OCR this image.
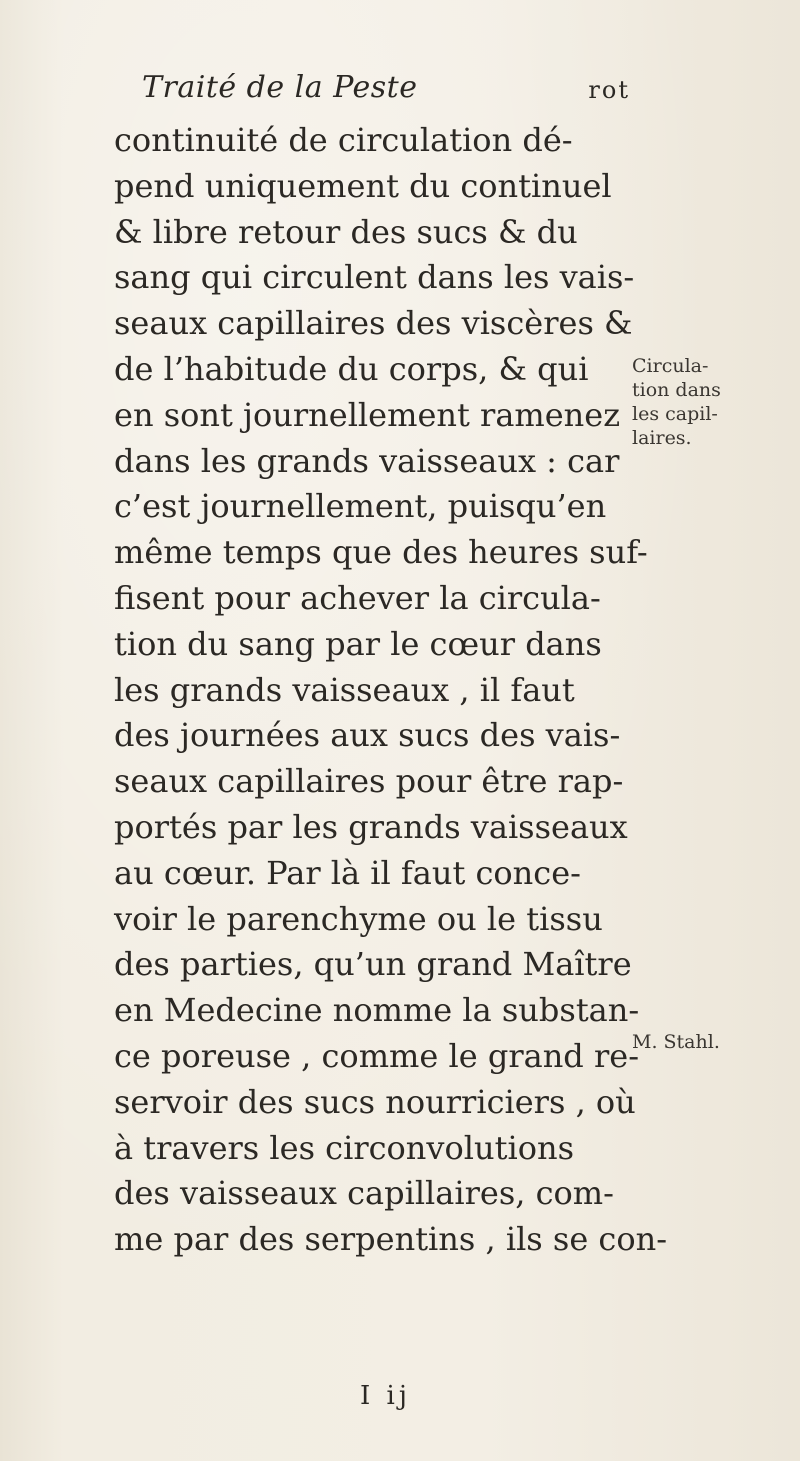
Traité de la Peste	rot
continuité de circulation dé-
pend uniquement du continuel
& libre retour des sucs & du
sang qui circulent dans les vais-
seaux capillaires des viscères &
de l’habitude du corps, & qui
en sont journellement ramenez
dans les grands vaisseaux : car
c’est journellement, puisqu’en
même temps que des heures suf-
fisent pour achever la circula-
tion du sang par le cœur dans
les grands vaisseaux , il faut
des journées aux sucs des vais-
seaux capillaires pour être rap-
portés par les grands vaisseaux
au cœur. Par là il faut conce-
voir le parenchyme ou le tissu
des parties, qu’un grand Maître
en Medecine nomme la substan-
ce poreuse , comme le grand re-
servoir des sucs nourriciers , où
à travers les circonvolutions
des vaisseaux capillaires, com-
me par des serpentins , ils se con-
Circula-
tion dans
les capil-
laires.
M. Stahl.
I ij
